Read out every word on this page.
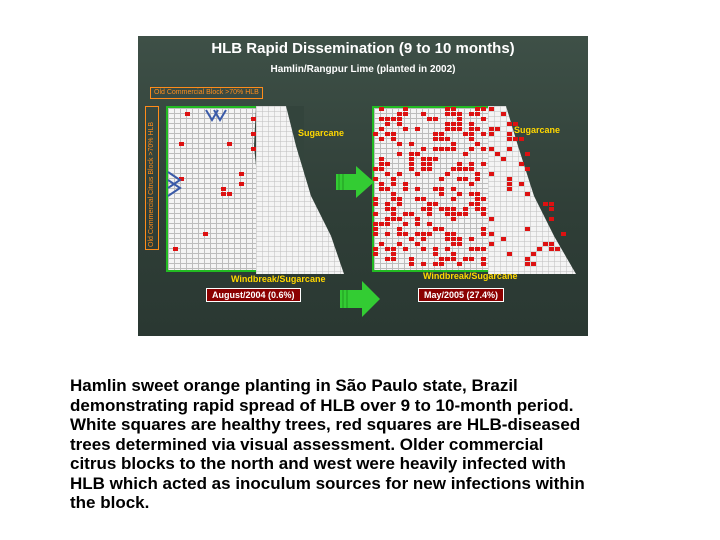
HLB Rapid Dissemination (9 to 10 months)
Hamlin/Rangpur Lime (planted in 2002)
Old Commercial Block >70% HLB
Old Commercial Citrus Block >70% HLB	Sugarcane
Windbreak/Sugarcane
Sugarcane
Windbreak/Sugarcane
August/2004 (0.6%)	May/2005 (27.4%)
Hamlin sweet orange planting in São Paulo state, Brazil
demonstrating rapid spread of HLB over 9 to 10-month period.
White squares are healthy trees, red squares are HLB-diseased
trees determined via visual assessment. Older commercial
citrus blocks to the north and west were heavily infected with
HLB which acted as inoculum sources for new infections within
the block.
